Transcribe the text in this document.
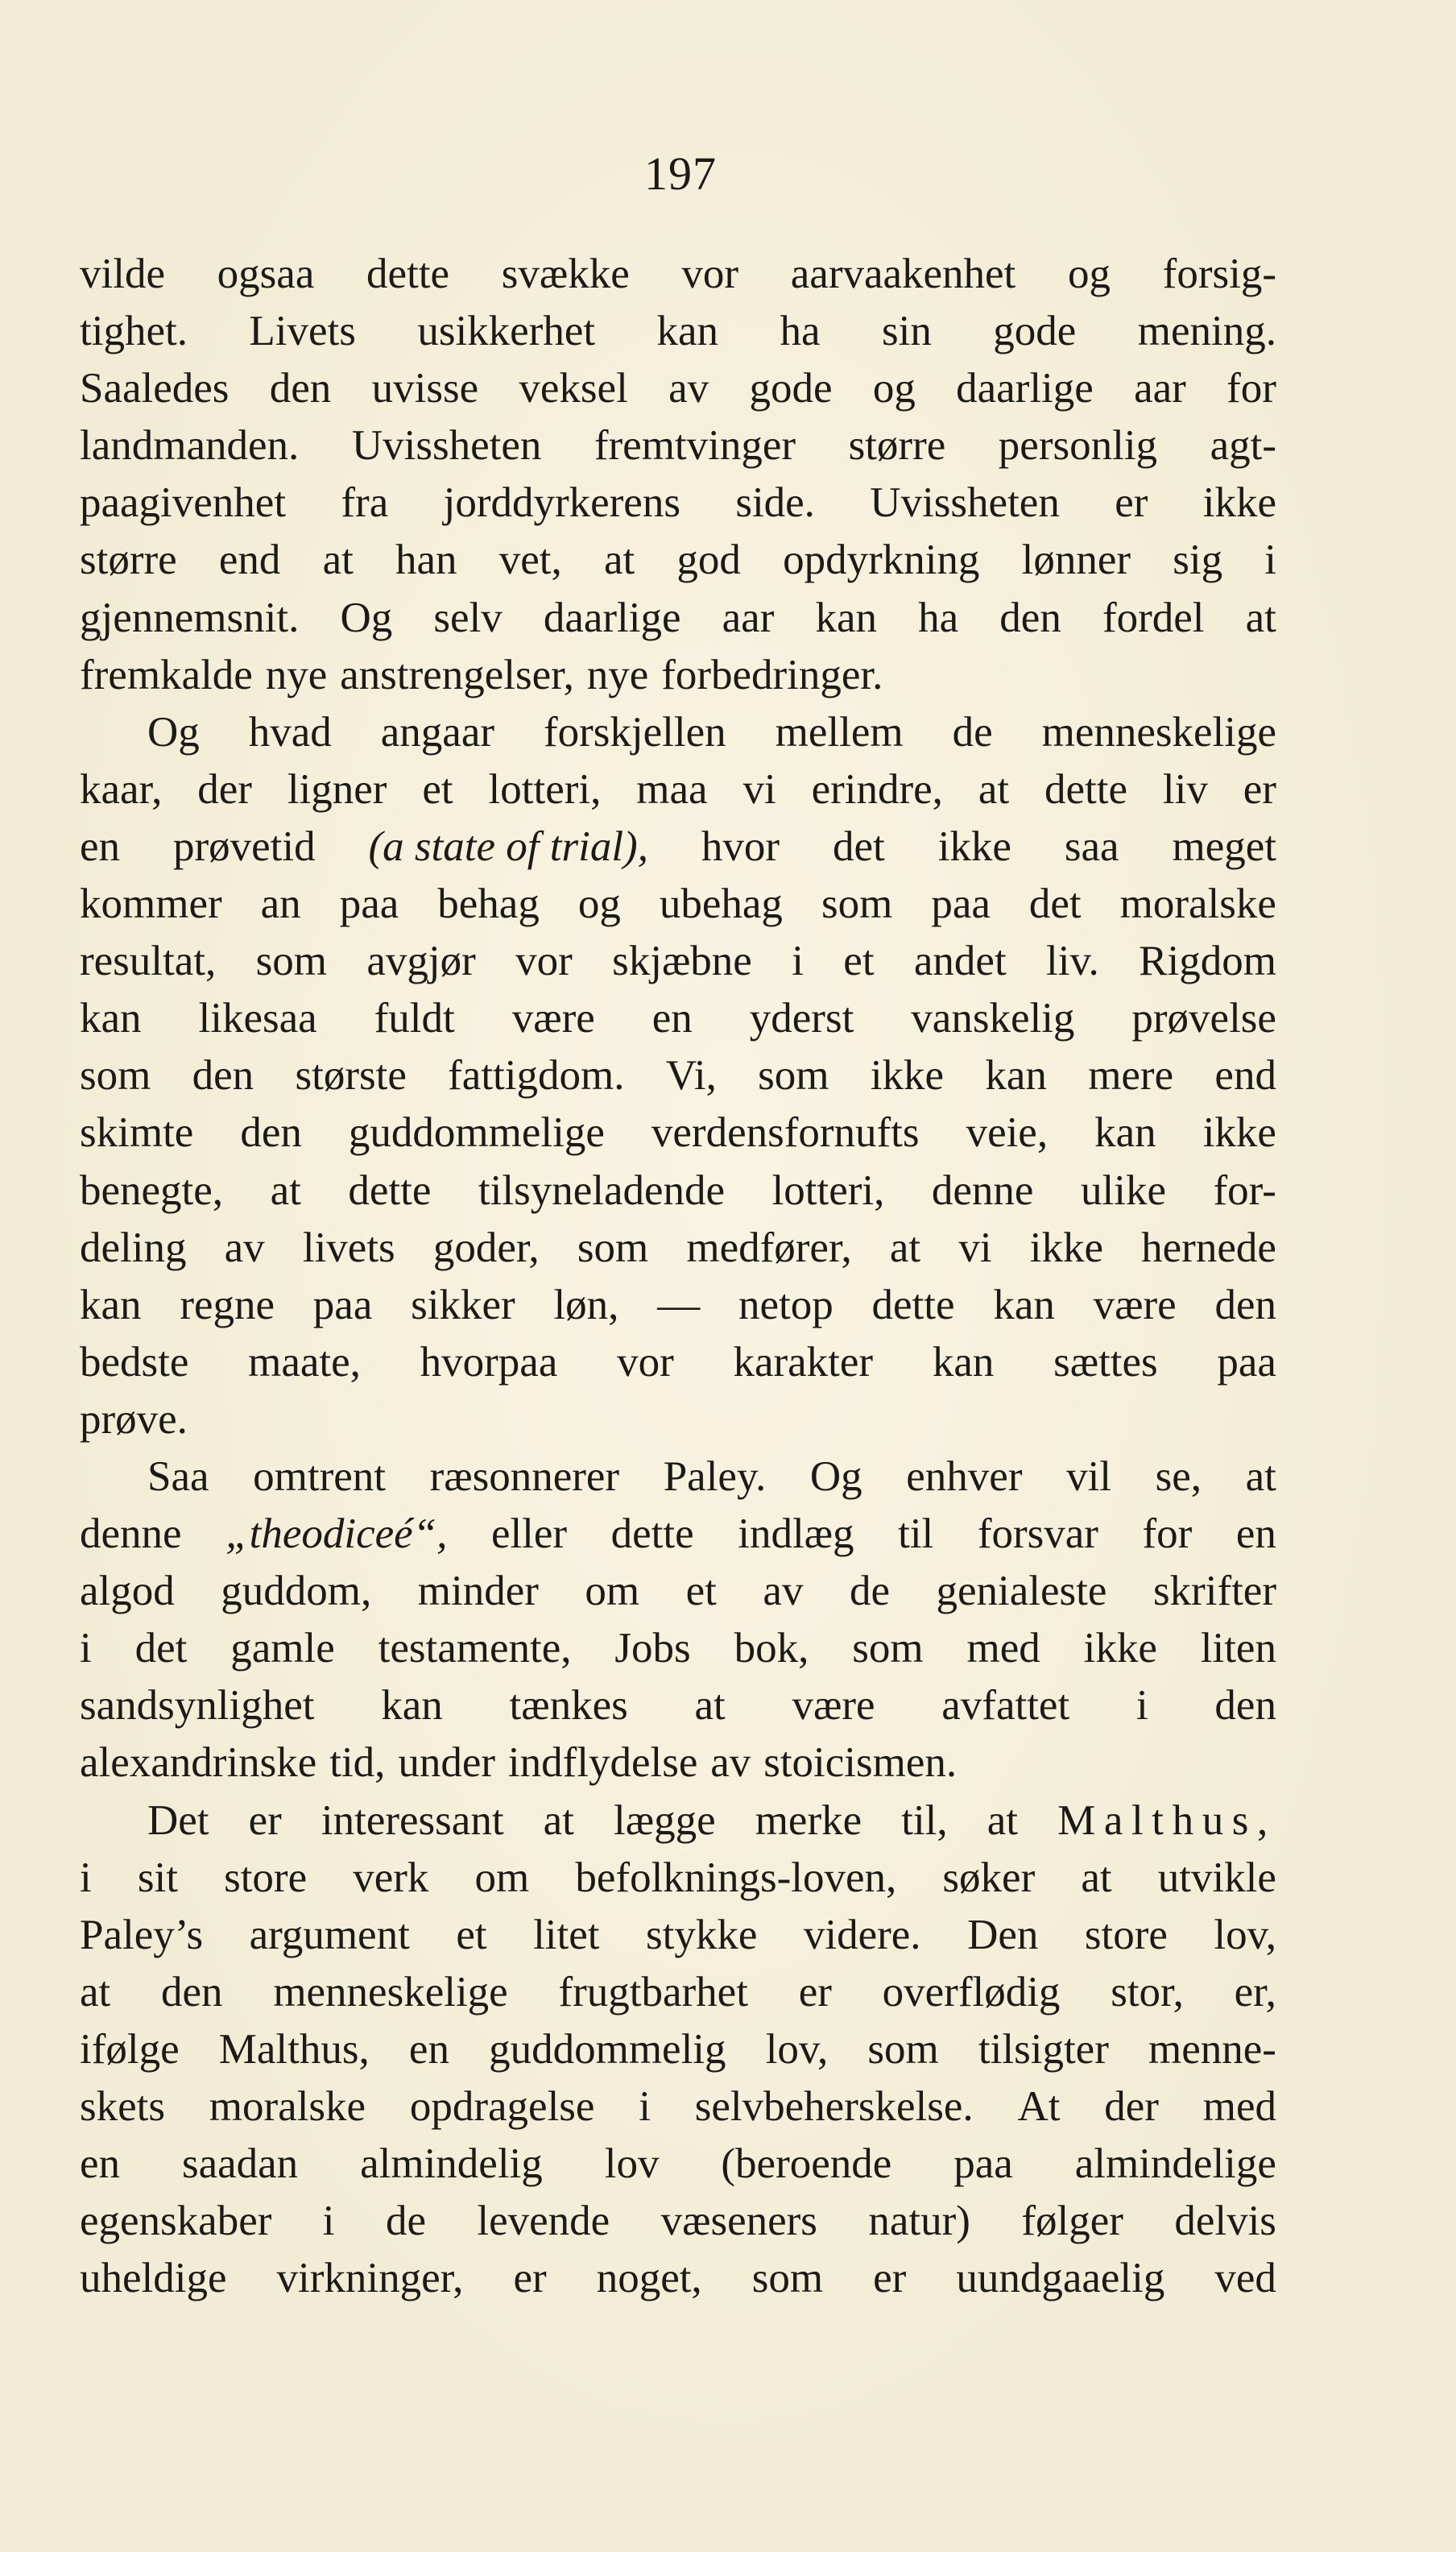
197
vilde ogsaa dette svække vor aarvaakenhet og forsig-
tighet. Livets usikkerhet kan ha sin gode mening.
Saaledes den uvisse veksel av gode og daarlige aar for
landmanden. Uvissheten fremtvinger større personlig agt-
paagivenhet fra jorddyrkerens side. Uvissheten er ikke
større end at han vet, at god opdyrkning lønner sig i
gjennemsnit. Og selv daarlige aar kan ha den fordel at
fremkalde nye anstrengelser, nye forbedringer.
Og hvad angaar forskjellen mellem de menneskelige
kaar, der ligner et lotteri, maa vi erindre, at dette liv er
en prøvetid (a state of trial), hvor det ikke saa meget
kommer an paa behag og ubehag som paa det moralske
resultat, som avgjør vor skjæbne i et andet liv. Rigdom
kan likesaa fuldt være en yderst vanskelig prøvelse
som den største fattigdom. Vi, som ikke kan mere end
skimte den guddommelige verdensfornufts veie, kan ikke
benegte, at dette tilsyneladende lotteri, denne ulike for-
deling av livets goder, som medfører, at vi ikke hernede
kan regne paa sikker løn, — netop dette kan være den
bedste maate, hvorpaa vor karakter kan sættes paa
prøve.
Saa omtrent ræsonnerer Paley. Og enhver vil se, at
denne „theodiceé“, eller dette indlæg til forsvar for en
algod guddom, minder om et av de genialeste skrifter
i det gamle testamente, Jobs bok, som med ikke liten
sandsynlighet kan tænkes at være avfattet i den
alexandrinske tid, under indflydelse av stoicismen.
Det er interessant at lægge merke til, at Malthus,
i sit store verk om befolknings-loven, søker at utvikle
Paley’s argument et litet stykke videre. Den store lov,
at den menneskelige frugtbarhet er overflødig stor, er,
ifølge Malthus, en guddommelig lov, som tilsigter menne-
skets moralske opdragelse i selvbeherskelse. At der med
en saadan almindelig lov (beroende paa almindelige
egenskaber i de levende væseners natur) følger delvis
uheldige virkninger, er noget, som er uundgaaelig ved
